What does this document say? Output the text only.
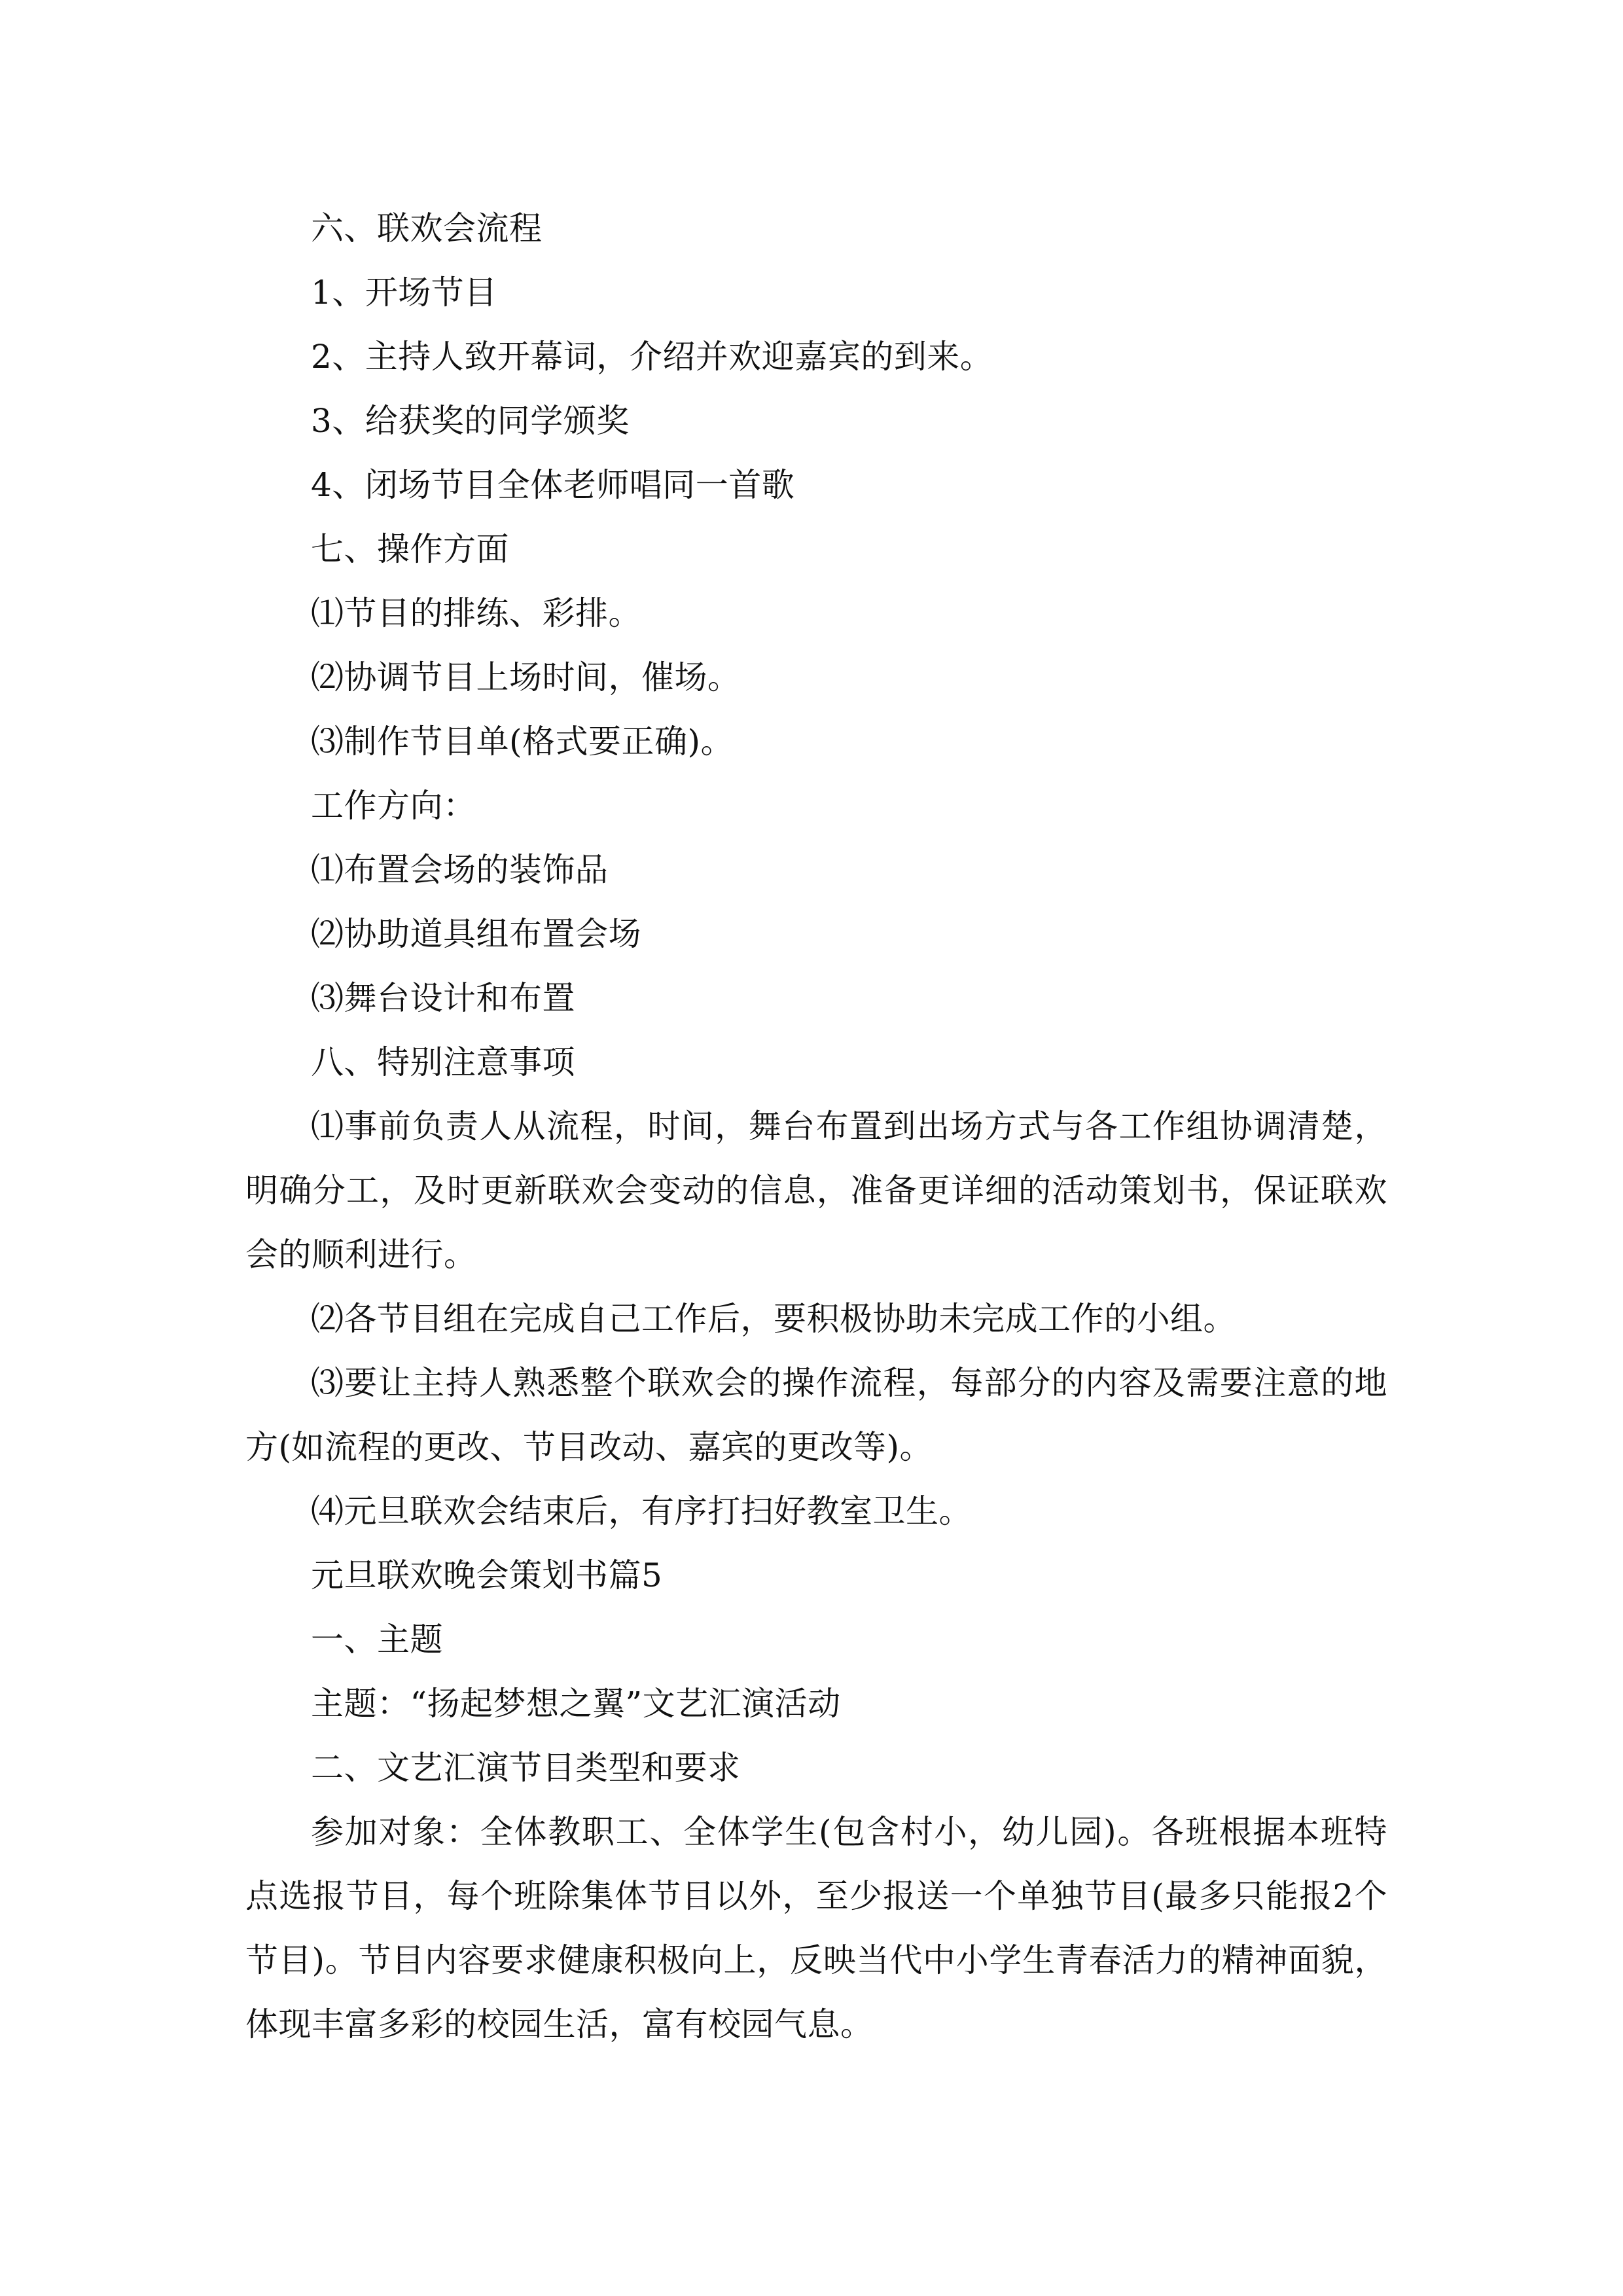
六、联欢会流程

1、开场节目

2、主持人致开幕词，介绍并欢迎嘉宾的到来。

3、给获奖的同学颁奖

4、闭场节目全体老师唱同一首歌

七、操作方面

⑴节目的排练、彩排。

⑵协调节目上场时间，催场。

⑶制作节目单(格式要正确)。

工作方向：

⑴布置会场的装饰品

⑵协助道具组布置会场

⑶舞台设计和布置

八、特别注意事项

⑴事前负责人从流程，时间，舞台布置到出场方式与各工作组协调清楚，明确分工，及时更新联欢会变动的信息，准备更详细的活动策划书，保证联欢会的顺利进行。

⑵各节目组在完成自己工作后，要积极协助未完成工作的小组。

⑶要让主持人熟悉整个联欢会的操作流程，每部分的内容及需要注意的地方(如流程的更改、节目改动、嘉宾的更改等)。

⑷元旦联欢会结束后，有序打扫好教室卫生。

元旦联欢晚会策划书篇5

一、主题

主题：“扬起梦想之翼”文艺汇演活动

二、文艺汇演节目类型和要求

参加对象：全体教职工、全体学生(包含村小，幼儿园)。各班根据本班特点选报节目，每个班除集体节目以外，至少报送一个单独节目(最多只能报2个节目)。节目内容要求健康积极向上，反映当代中小学生青春活力的精神面貌，体现丰富多彩的校园生活，富有校园气息。
